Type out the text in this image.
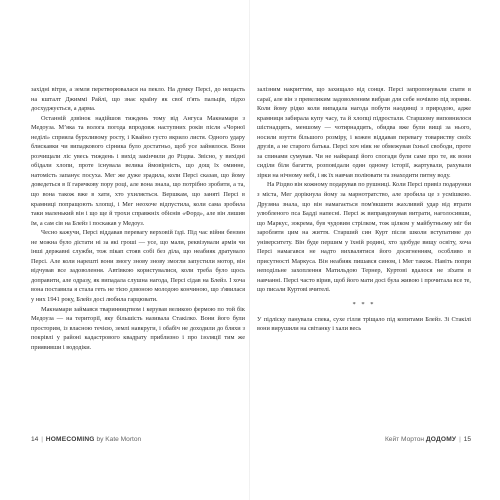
західні вітри, а земля перетворювалася на пекло. На думку Персі, до нещасть на кшталт Джиммі Райлі, що знає країну як свої п'ять пальців, підхо досхуджується, а дарма.

Останній дзвінок надійшов тиждень тому від Ангуса Макнамари з Медоуза. Мʼяка та волога погода впродовж наступних років після «Чорної неділі» сприяла бурхливому росту, і Квайно густо вкрило листя. Одного удару блискавки чи випадкового сірника було достатньо, щоб усе зайнялося. Вони розчищали ліс увесь тиждень і вихід закінчили до Різдва. Звісно, у вихідні обідали хлопи, проте існувала велика ймовірність, що дощ їх оминне, натомість запанує посуха. Мег же дуже зрадила, коли Персі сказав, що йому доведеться в її гарячкову пору році, але вона знала, що потрібно зробити, а та, що вона також вже в хати, хто ухиляється. Вершкам, що заняті Персі в крамниці попращоють хлопці, і Мег неохоче відпустила, коли сама зробила таки маленький він і що ще й трохи справжніх обієнів «Форд», але він лишив їм, а сам сів на Блейз і поскакав у Медоуз.

Чесно кажучи, Персі віддавав перевагу верховій їзді. Під час війни бензин не можна було дістати ні за які гроші — усе, що мали, реквізували армія чи інші державні служби, тож пікап стояв собі без діла, що неабияк дратувало Персі. Але коли нарешті вони змогу знову знову змогли запустили мотор, він відчував все задоволення. Автівкою користувалися, коли треба було щось доправити, але одразу, як випадала слушна нагода, Персі сідав на Блейз. І хоча вона поставила я стала геть не тією дзвоною молодою кончиною, що з'явилася у них 1941 року, Блейз досі любила гарцювати.

Макнамари займався тваринництвом і керував великою фермою по той бік Медоуза — на території, яку більшість називала Стакілко. Вони його були просторим, із власною течією, землі навкруги, і обабіч не доходили до бляхи з покрівлі у районі кадастрового квадрату приблизно і про ізоляції тим же приявивши і вододіки.

14 | HOMECOMING by Kate Morton

залізним накриттям, що захищало від сонця. Персі запропонували спати в сараї, але він з превеликим задоволенням вибрав для себе ночівлю під зорями. Коли йому рідко коли випадала нагода побути наодинці з природою, адже крамниця забирала купу часу, та й хлопці підростали. Старшому виповнилося шістнадцять, меншому — чотирнадцять, обидва вже були вищі за нього, носили взуття більшого розміру, і кожен віддавав перевагу товариству своїх друзів, а не старого батька. Персі хоч ніяк не обмежував їхньої свободи, проте за спинами сумував. Чи не найкращі його спогади були саме про те, як вони сиділи біля багаття, розповідали один одному історії, жартували, рахували зірки на нічному небі, і як їх навчав поліювати та знаходити питну воду.

На Різдво він кожному подарував по рушниці. Коли Персі привіз подарунки з міста, Мег дорікнула йому за марнотратство, але зробила це з усмішкою. Друзяна знала, що він намагається пом'якшити жахливий удар від втрати улюбленого пса Бадді напесні. Персі ж виправдовував витрати, наголосивши, що Маркус, зокрема, був чудовим стрілком, тож цілком у майбутньому міг би заробляти цим на життя. Старший син Курт після школи вступатиме до університету. Він буде першим у їхній родині, хто здобуде вищу освіту, хоча Персі намагався не надто вихвалятися його досягненням, особливо в присутності Маркуса. Він неабияк пишався сином, і Мег також. Навіть попри неподільне захоплення Матильдою Тернер, Куртові вдалося не зїхати в навчанні. Персі часто вірив, щоб його мати досі була живою і прочитала все те, що писали Куртові вчителі.

* * *

У підліску панувала спека, сухе гілля тріщало під копитами Блейз. Зі Стакілі вони вирушили на світанку і хали весь

Кейт Мортон ДОДОМУ | 15
